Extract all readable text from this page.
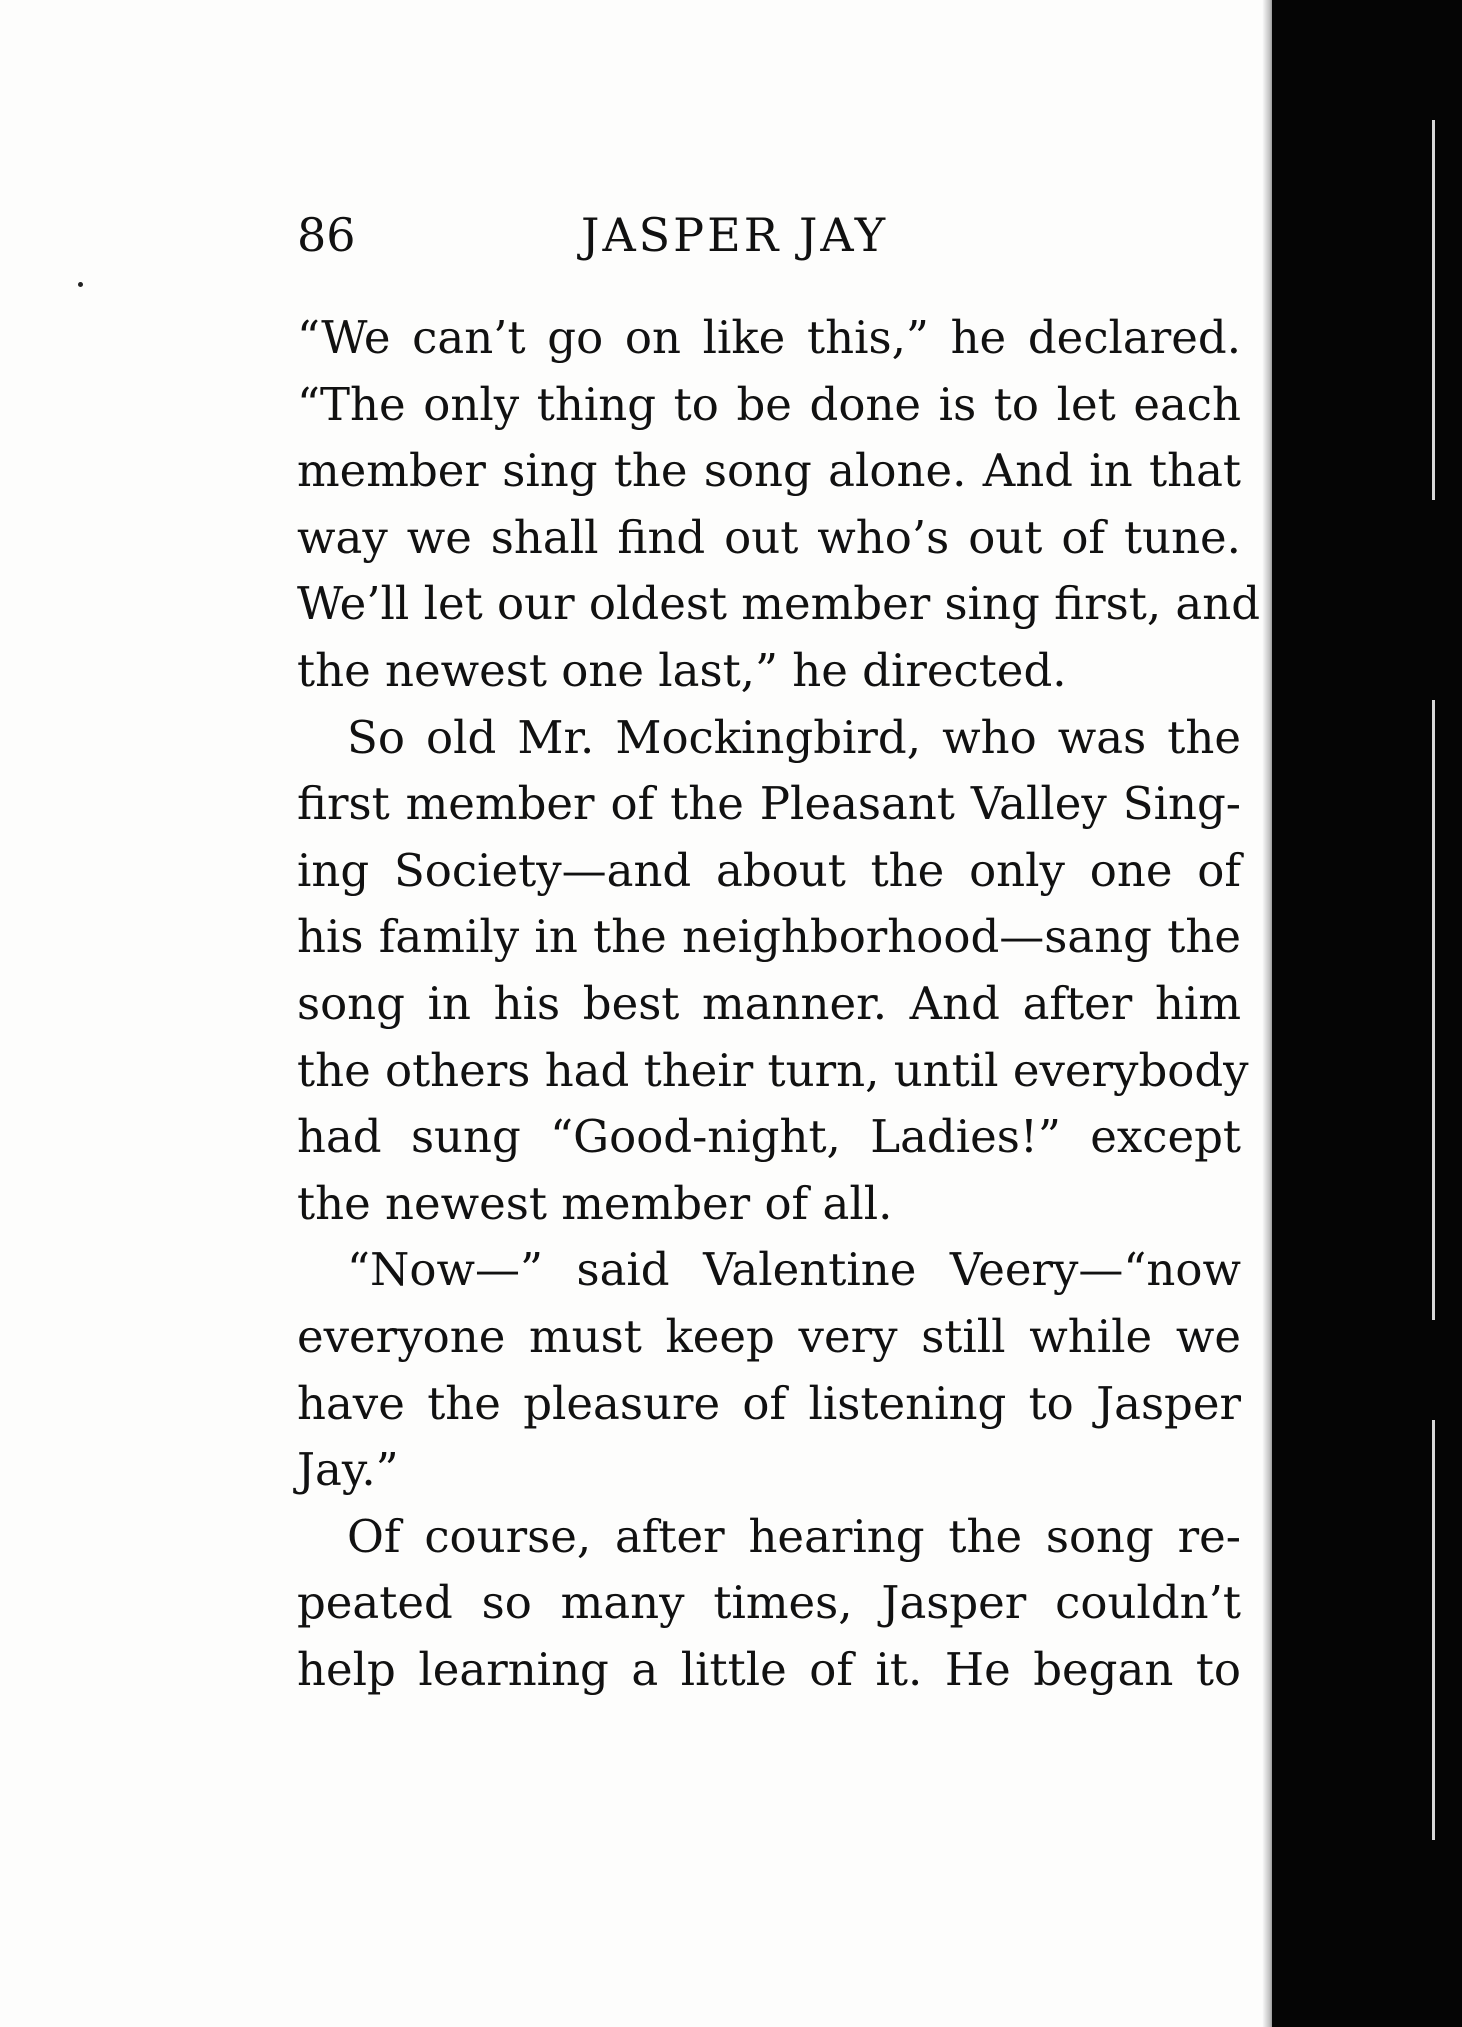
86	JASPER JAY
“We can’t go on like this,” he declared.
“The only thing to be done is to let each
member sing the song alone. And in that
way we shall find out who’s out of tune.
We’ll let our oldest member sing first, and
the newest one last,” he directed.
So old Mr. Mockingbird, who was the
first member of the Pleasant Valley Sing-
ing Society—and about the only one of
his family in the neighborhood—sang the
song in his best manner. And after him
the others had their turn, until everybody
had sung “Good-night, Ladies!” except
the newest member of all.
“Now—” said Valentine Veery—“now
everyone must keep very still while we
have the pleasure of listening to Jasper
Jay.”
Of course, after hearing the song re-
peated so many times, Jasper couldn’t
help learning a little of it. He began to
